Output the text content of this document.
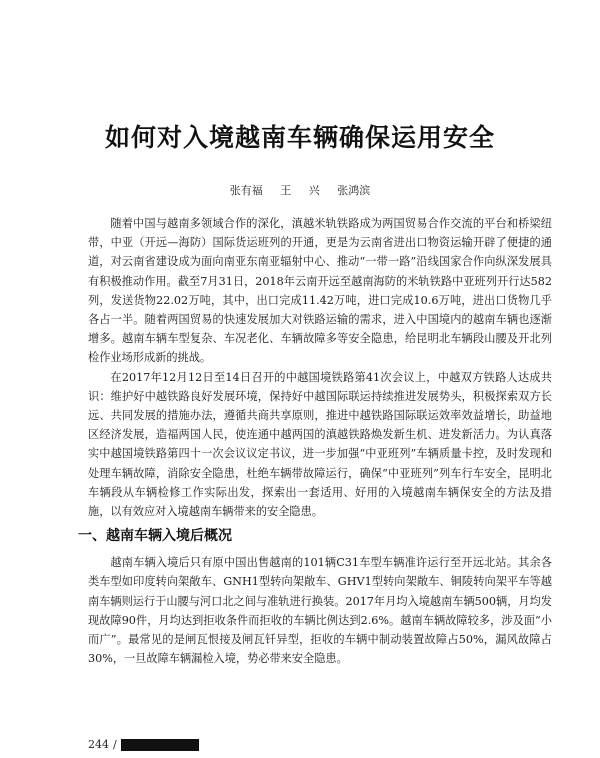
如何对入境越南车辆确保运用安全
张有福 王 兴 张鸿滨

随着中国与越南多领域合作的深化，滇越米轨铁路成为两国贸易合作交流的平台和桥梁纽带，中亚（开远—海防）国际货运班列的开通，更是为云南省进出口物资运输开辟了便捷的通道，对云南省建设成为面向南亚东南亚辐射中心、推动“一带一路”沿线国家合作向纵深发展具有积极推动作用。截至7月31日，2018年云南开远至越南海防的米轨铁路中亚班列开行达582列，发送货物22.02万吨，其中，出口完成11.42万吨，进口完成10.6万吨，进出口货物几乎各占一半。随着两国贸易的快速发展加大对铁路运输的需求，进入中国境内的越南车辆也逐渐增多。越南车辆车型复杂、车况老化、车辆故障多等安全隐患，给昆明北车辆段山腰及开北列检作业场形成新的挑战。

在2017年12月12日至14日召开的中越国境铁路第41次会议上，中越双方铁路人达成共识：维护好中越铁路良好发展环境，保持好中越国际联运持续推进发展势头，积极探索双方长远、共同发展的措施办法，遵循共商共享原则，推进中越铁路国际联运效率效益增长，助益地区经济发展，造福两国人民，使连通中越两国的滇越铁路焕发新生机、进发新活力。为认真落实中越国境铁路第四十一次会议议定书议，进一步加强“中亚班列”车辆质量卡控，及时发现和处理车辆故障，消除安全隐患，杜绝车辆带故障运行，确保“中亚班列”列车行车安全，昆明北车辆段从车辆检修工作实际出发，探索出一套适用、好用的入境越南车辆保安全的方法及措施，以有效应对入境越南车辆带来的安全隐患。

一、越南车辆入境后概况

越南车辆入境后只有原中国出售越南的101辆C31车型车辆准许运行至开远北站。其余各类车型如印度转向架敞车、GNH1型转向架敞车、GHV1型转向架敞车、铜陵转向架平车等越南车辆则运行于山腰与河口北之间与准轨进行换装。2017年月均入境越南车辆500辆，月均发现故障90件，月均达到拒收条件而拒收的车辆比例达到2.6%。越南车辆故障较多，涉及面“小而广”。最常见的是闸瓦恨接及闸瓦钎异型，拒收的车辆中制动装置故障占50%，漏风故障占30%，一旦故障车辆漏检入境，势必带来安全隐患。

244 /
